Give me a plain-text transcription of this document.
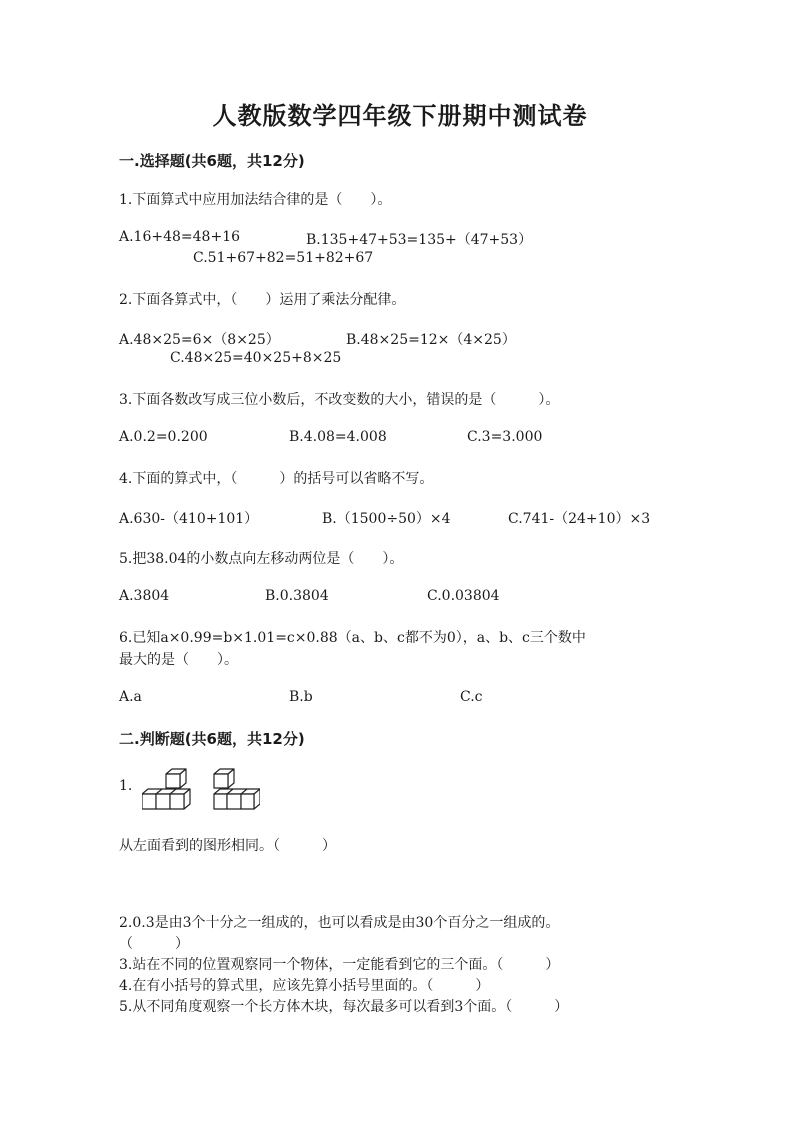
人教版数学四年级下册期中测试卷
一.选择题(共6题，共12分)
1.下面算式中应用加法结合律的是（　　）。
A.16+48=48+16	B.135+47+53=135+（47+53）
C.51+67+82=51+82+67
2.下面各算式中，（　　）运用了乘法分配律。
A.48×25=6×（8×25）	B.48×25=12×（4×25）
C.48×25=40×25+8×25
3.下面各数改写成三位小数后，不改变数的大小，错误的是（　　　）。
A.0.2=0.200	B.4.08=4.008	C.3=3.000
4.下面的算式中，（　　　）的括号可以省略不写。
A.630-（410+101）	B.（1500÷50）×4	C.741-（24+10）×3
5.把38.04的小数点向左移动两位是（　　）。
A.3804	B.0.3804	C.0.03804
6.已知a×0.99=b×1.01=c×0.88（a、b、c都不为0），a、b、c三个数中
最大的是（　　）。
A.a	B.b	C.c
二.判断题(共6题，共12分)
1.
从左面看到的图形相同。（　　　）
2.0.3是由3个十分之一组成的，也可以看成是由30个百分之一组成的。
（　　　）
3.站在不同的位置观察同一个物体，一定能看到它的三个面。（　　　）
4.在有小括号的算式里，应该先算小括号里面的。（　　　）
5.从不同角度观察一个长方体木块，每次最多可以看到3个面。（　　　）
